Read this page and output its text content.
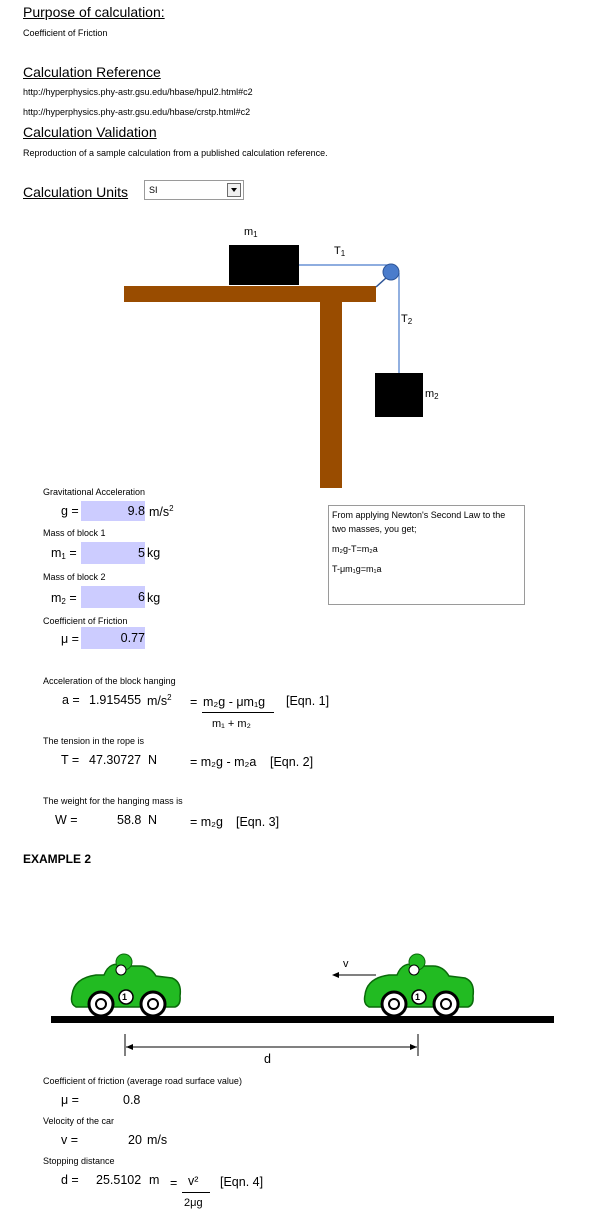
Purpose of calculation:
Coefficient of Friction
Calculation Reference
http://hyperphysics.phy-astr.gsu.edu/hbase/hpul2.html#c2
http://hyperphysics.phy-astr.gsu.edu/hbase/crstp.html#c2
Calculation Validation
Reproduction of a sample calculation from a published calculation reference.
Calculation Units SI
$m_1$
$T_1$
$T_2$
$m_2$
Gravitational Acceleration
g =	9.8 $m/s^2$
Mass of block 1
$m_1$ =	5 kg
Mass of block 2
$m_2$ =	6 kg
Coefficient of Friction
μ =	0.77
From applying Newton's Second Law to the two masses, you get;
m₂g-T=m₂a
T-μm₁g=m₁a
Acceleration of the block hanging
a = 1.915455 $m/s^2 = m_2g - \mu m_1g$
m₁ + m₂
[Eqn. 1]
The tension in the rope is
T = 47.30727 N	= m₂g - m₂a [Eqn. 2]
The weight for the hanging mass is
W =	58.8 N	= m₂g [Eqn. 3]
EXAMPLE 2
1	1
v
d
Coefficient of friction (average road surface value)
μ =	0.8
Velocity of the car
v =	20 m/s
Stopping distance
d = 25.5102 m = v²
2μg
[Eqn. 4]
